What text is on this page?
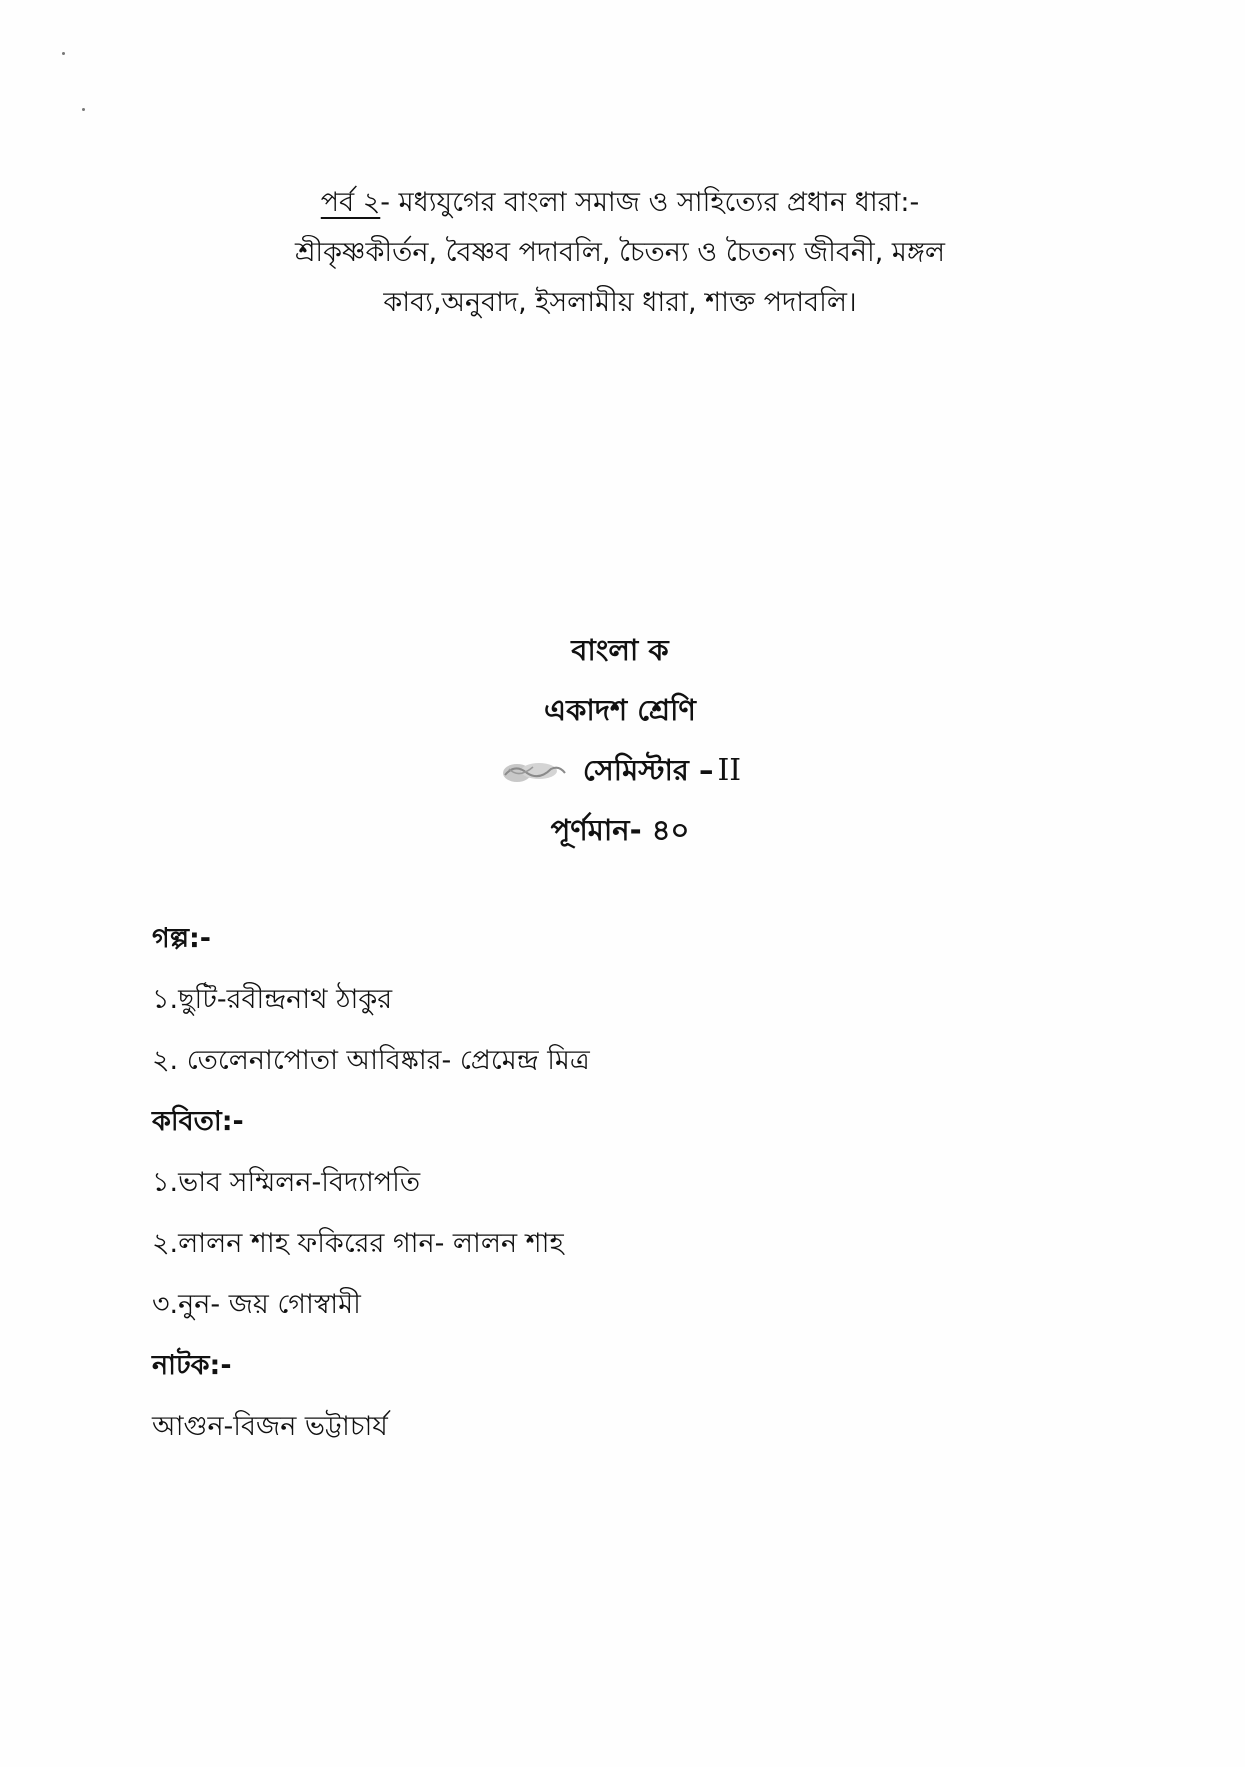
পর্ব ২- মধ্যযুগের বাংলা সমাজ ও সাহিত্যের প্রধান ধারা:-
শ্রীকৃষ্ণকীর্তন, বৈষ্ণব পদাবলি, চৈতন্য ও চৈতন্য জীবনী, মঙ্গল
কাব্য,অনুবাদ, ইসলামীয় ধারা, শাক্ত পদাবলি।
বাংলা ক
একাদশ শ্রেণি
সেমিস্টার – II
পূর্ণমান- ৪০
গল্প:-
১.ছুটি-রবীন্দ্রনাথ ঠাকুর
২. তেলেনাপোতা আবিষ্কার- প্রেমেন্দ্র মিত্র
কবিতা:-
১.ভাব সম্মিলন-বিদ্যাপতি
২.লালন শাহ ফকিরের গান- লালন শাহ
৩.নুন- জয় গোস্বামী
নাটক:-
আগুন-বিজন ভট্টাচার্য
